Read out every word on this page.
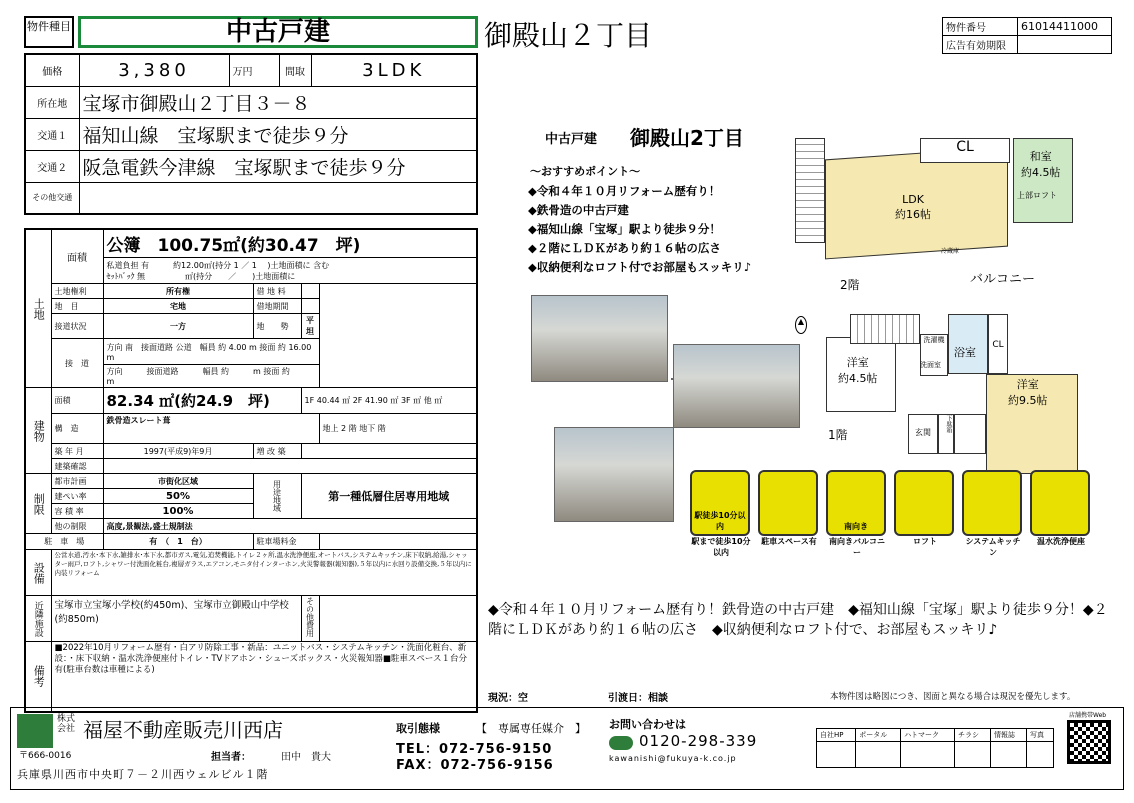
物件種目	中古戸建	御殿山２丁目	物件番号	61014411000
広告有効期限	
価格	3,380	万円	間取	3LDK
所在地	宝塚市御殿山２丁目３－８			
交通１	福知山線　宝塚駅まで徒歩９分			
交通２	阪急電鉄今津線　宝塚駅まで徒歩９分			
その他交通				
土地	面積	公簿　100.75㎡(約30.47　坪)			

		私道負担 有　　　約12.00㎡(持分 1 ／ 1 　)土地面積に 含む
ｾｯﾄﾊﾞｯｸ 無　　　　　㎡(持分　　／　　)土地面積に			

	土地権利	所有権	借 地 料		
	地　目	宅地	借地期間		
	接道状況	一方	地　　勢	平坦	
	接　道	方向 南　接面道路 公道　幅員 約 4.00 m 接面 約 16.00 m			
		方向　　　接面道路　　　幅員 約　　　m 接面 約　　　m			
建物	面積	82.34 ㎡(約24.9　坪)		1F 40.44 ㎡ 2F 41.90 ㎡ 3F ㎡ 他 ㎡	
	構　造	鉄骨造スレート葺			地上 2 階 地下 階
	築 年 月	1997(平成9)年9月	増 改 築		
	建築確認				
制限	都市計画	市街化区域	用途地域	第一種低層住居専用地域	
	建ぺい率	50%			
	容 積 率	100%			
	他の制限	高度,景観法,盛土規制法			
駐　車　場		有　（　1　台）	駐車場料金		
設備	公営水道,汚水･本下水,雑排水･本下水,都市ガス,電気,追焚機能,トイレ２ヶ所,温水洗浄便座,オートバス,システムキッチン,床下収納,給湯,シャッター雨戸,ロフト,シャワー付洗面化粧台,複層ガラス,エアコン,モニタ付インターホン,火災警報器(報知器),５年以内に水回り設備交換,５年以内に内装リフォーム				
近隣施設	宝塚市立宝塚小学校(約450m)、宝塚市立御殿山中学校(約850m)			その他費用	
備考	■2022年10月リフォーム歴有・白アリ防除工事・新品：ユニットバス・システムキッチン・洗面化粧台、新設：・床下収納・温水洗浄便座付トイレ・TVドアホン・シューズボックス・火災報知器■駐車スペース１台分有(駐車台数は車種による)				
中古戸建 御殿山2丁目
～おすすめポイント～
◆令和４年１０月リフォーム歴有り！
◆鉄骨造の中古戸建
◆福知山線「宝塚」駅より徒歩９分！
◆２階にＬＤＫがあり約１６帖の広さ
◆収納便利なロフト付でお部屋もスッキリ♪
CL
LDK
約16帖
和室
約4.5帖
上部ロフト
冷蔵庫
バルコニー
2階
▲
洋室
約4.5帖
洗濯機
浴室
洗面室
CL
洋室
約9.5帖
玄関	下駄箱
1階
駅徒歩10分以内
駅まで徒歩10分以内
駐車スペース有
南向き
南向きバルコニー
ロフト	システムキッチン
温水洗浄便座
◆令和４年１０月リフォーム歴有り！鉄骨造の中古戸建　◆福知山線「宝塚」駅より徒歩９分！◆２階にＬＤＫがあり約１６帖の広さ　◆収納便利なロフト付で、お部屋もスッキリ♪
現況：空	引渡日：相談	本物件図は略図につき、図面と異なる場合は現況を優先します。
株式会社 福屋不動産販売川西店
〒666-0016
兵庫県川西市中央町７－２川西ウェルビル１階
担当者：	田中　貴大
取引態様	【　専属専任媒介　】
TEL：072-756-9150
FAX：072-756-9156
お問い合わせは
0120-298-339
kawanishi@fukuya-k.co.jp
自社HP	ポータル	ハトマーク	チラシ	情報誌	写真

店舗携帯Web
